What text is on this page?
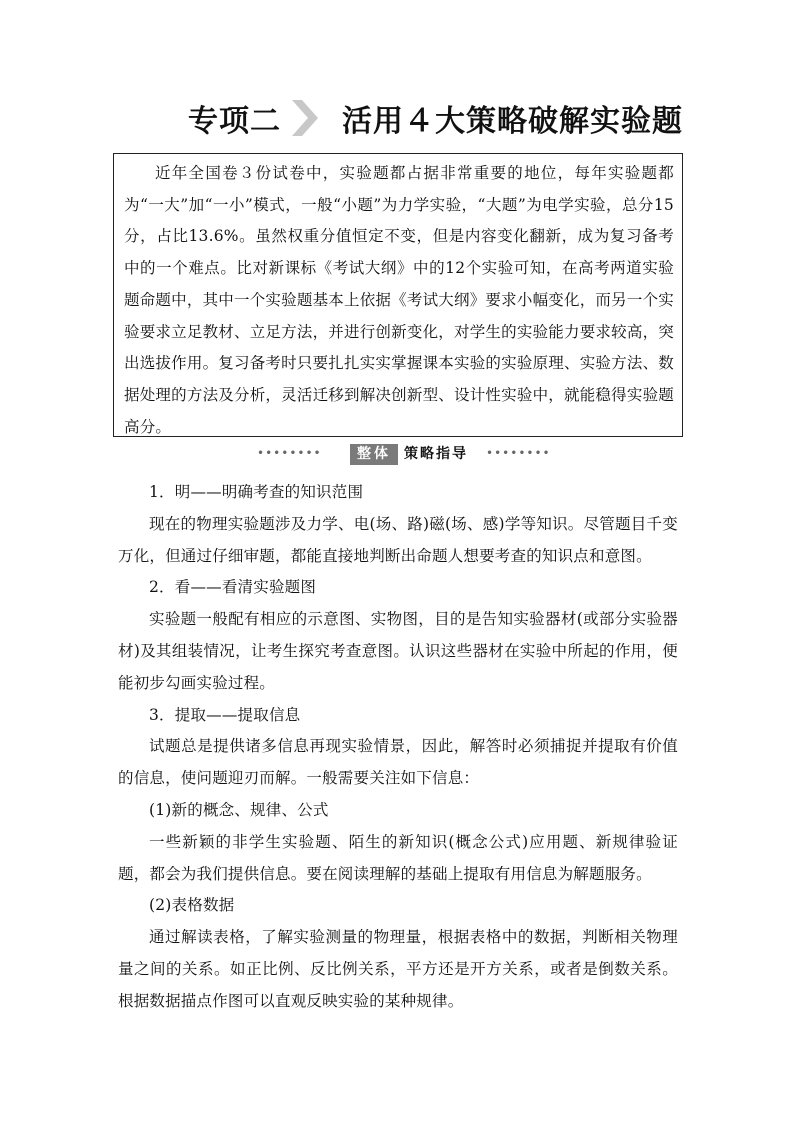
专项二 活用４大策略破解实验题

近年全国卷３份试卷中，实验题都占据非常重要的地位，每年实验题都为“一大”加“一小”模式，一般“小题”为力学实验，“大题”为电学实验，总分15分，占比13.6%。虽然权重分值恒定不变，但是内容变化翻新，成为复习备考中的一个难点。比对新课标《考试大纲》中的12个实验可知，在高考两道实验题命题中，其中一个实验题基本上依据《考试大纲》要求小幅变化，而另一个实验要求立足教材、立足方法，并进行创新变化，对学生的实验能力要求较高，突出选拔作用。复习备考时只要扎扎实实掌握课本实验的实验原理、实验方法、数据处理的方法及分析，灵活迁移到解决创新型、设计性实验中，就能稳得实验题高分。

••••••••	整体 策略指导 ••••••••

1．明——明确考查的知识范围

现在的物理实验题涉及力学、电(场、路)磁(场、感)学等知识。尽管题目千变万化，但通过仔细审题，都能直接地判断出命题人想要考查的知识点和意图。

2．看——看清实验题图

实验题一般配有相应的示意图、实物图，目的是告知实验器材(或部分实验器材)及其组装情况，让考生探究考查意图。认识这些器材在实验中所起的作用，便能初步勾画实验过程。

3．提取——提取信息

试题总是提供诸多信息再现实验情景，因此，解答时必须捕捉并提取有价值的信息，使问题迎刃而解。一般需要关注如下信息：

(1)新的概念、规律、公式

一些新颖的非学生实验题、陌生的新知识(概念公式)应用题、新规律验证题，都会为我们提供信息。要在阅读理解的基础上提取有用信息为解题服务。

(2)表格数据

通过解读表格，了解实验测量的物理量，根据表格中的数据，判断相关物理量之间的关系。如正比例、反比例关系，平方还是开方关系，或者是倒数关系。根据数据描点作图可以直观反映实验的某种规律。
